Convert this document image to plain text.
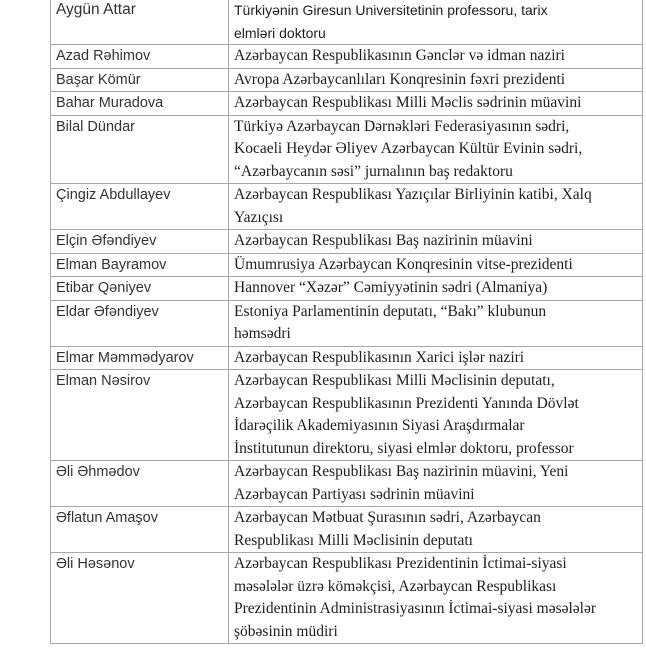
Aygün Attar	Türkiyənin Giresun Universitetinin professoru, tarix
elmləri doktoru
Azad Rəhimov	Azərbaycan Respublikasının Gənclər və idman naziri
Başar Kömür	Avropa Azərbaycanlıları Konqresinin fəxri prezidenti
Bahar Muradova	Azərbaycan Respublikası Milli Məclis sədrinin müavini
Bilal Dündar	Türkiyə Azərbaycan Dərnəkləri Federasiyasının sədri,
Kocaeli Heydər Əliyev Azərbaycan Kültür Evinin sədri,
“Azərbaycanın səsi” jurnalının baş redaktoru
Çingiz Abdullayev	Azərbaycan Respublikası Yazıçılar Birliyinin katibi, Xalq
Yazıçısı
Elçin Əfəndiyev	Azərbaycan Respublikası Baş nazirinin müavini
Elman Bayramov	Ümumrusiya Azərbaycan Konqresinin vitse-prezidenti
Etibar Qəniyev	Hannover “Xəzər” Cəmiyyətinin sədri (Almaniya)
Eldar Əfəndiyev	Estoniya Parlamentinin deputatı, “Bakı” klubunun
həmsədri
Elmar Məmmədyarov	Azərbaycan Respublikasının Xarici işlər naziri
Elman Nəsirov	Azərbaycan Respublikası Milli Məclisinin deputatı,
Azərbaycan Respublikasının Prezidenti Yanında Dövlət
İdarəçilik Akademiyasının Siyasi Araşdırmalar
İnstitutunun direktoru, siyasi elmlər doktoru, professor
Əli Əhmədov	Azərbaycan Respublikası Baş nazirinin müavini, Yeni
Azərbaycan Partiyası sədrinin müavini
Əflatun Amaşov	Azərbaycan Mətbuat Şurasının sədri, Azərbaycan
Respublikası Milli Məclisinin deputatı
Əli Həsənov	Azərbaycan Respublikası Prezidentinin İctimai-siyasi
məsələlər üzrə köməkçisi, Azərbaycan Respublikası
Prezidentinin Administrasiyasının İctimai-siyasi məsələlər
şöbəsinin müdiri
